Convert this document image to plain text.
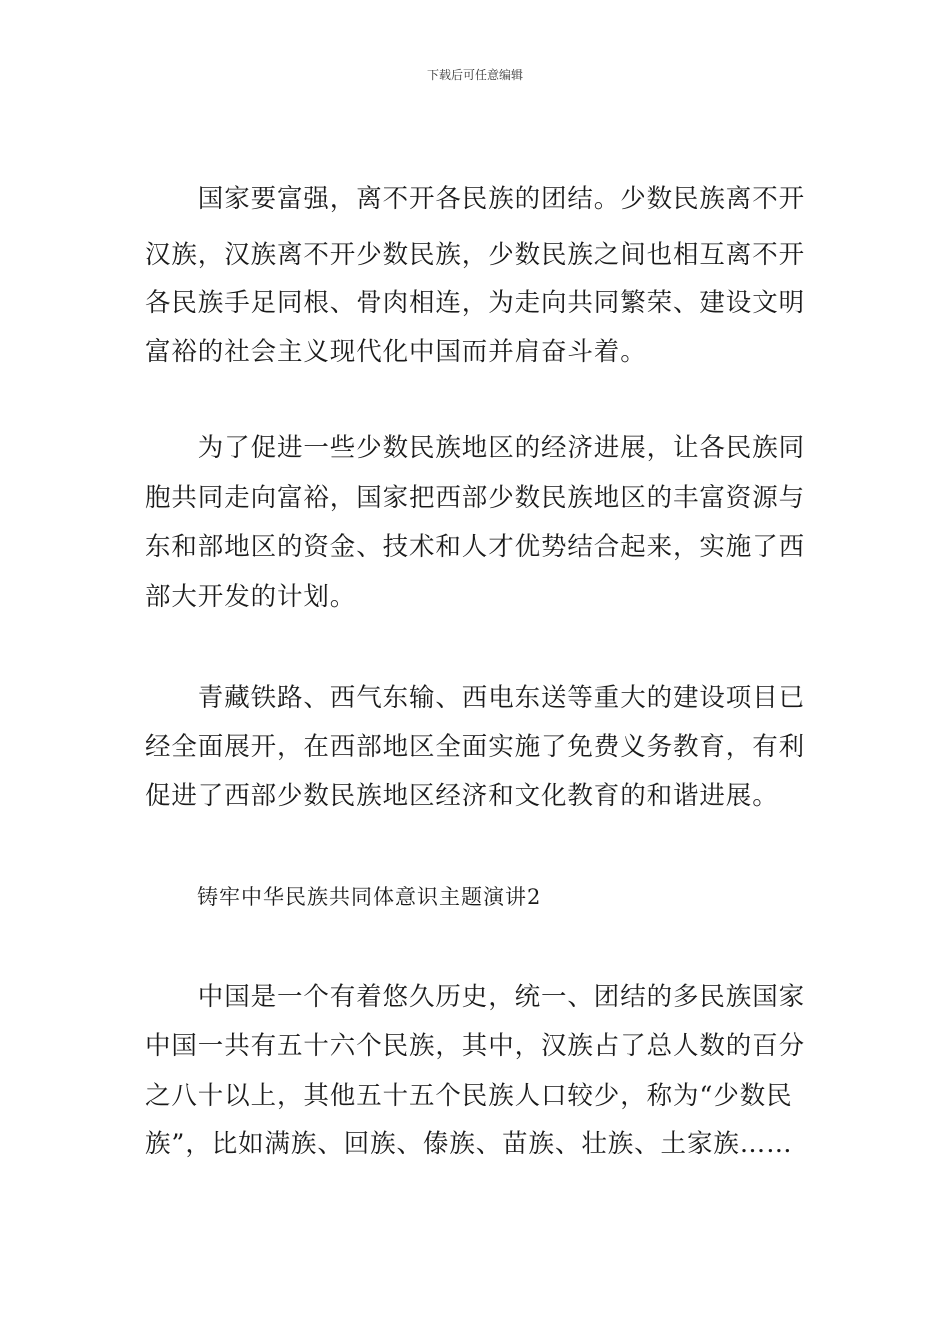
下载后可任意编辑
　　国家要富强，离不开各民族的团结。少数民族离不开
汉族，汉族离不开少数民族，少数民族之间也相互离不开
各民族手足同根、骨肉相连，为走向共同繁荣、建设文明
富裕的社会主义现代化中国而并肩奋斗着。
　　为了促进一些少数民族地区的经济进展，让各民族同
胞共同走向富裕，国家把西部少数民族地区的丰富资源与
东和部地区的资金、技术和人才优势结合起来，实施了西
部大开发的计划。
　　青藏铁路、西气东输、西电东送等重大的建设项目已
经全面展开，在西部地区全面实施了免费义务教育，有利
促进了西部少数民族地区经济和文化教育的和谐进展。
铸牢中华民族共同体意识主题演讲2
　　中国是一个有着悠久历史，统一、团结的多民族国家
中国一共有五十六个民族，其中，汉族占了总人数的百分
之八十以上，其他五十五个民族人口较少，称为“少数民
族”，比如满族、回族、傣族、苗族、壮族、土家族……
